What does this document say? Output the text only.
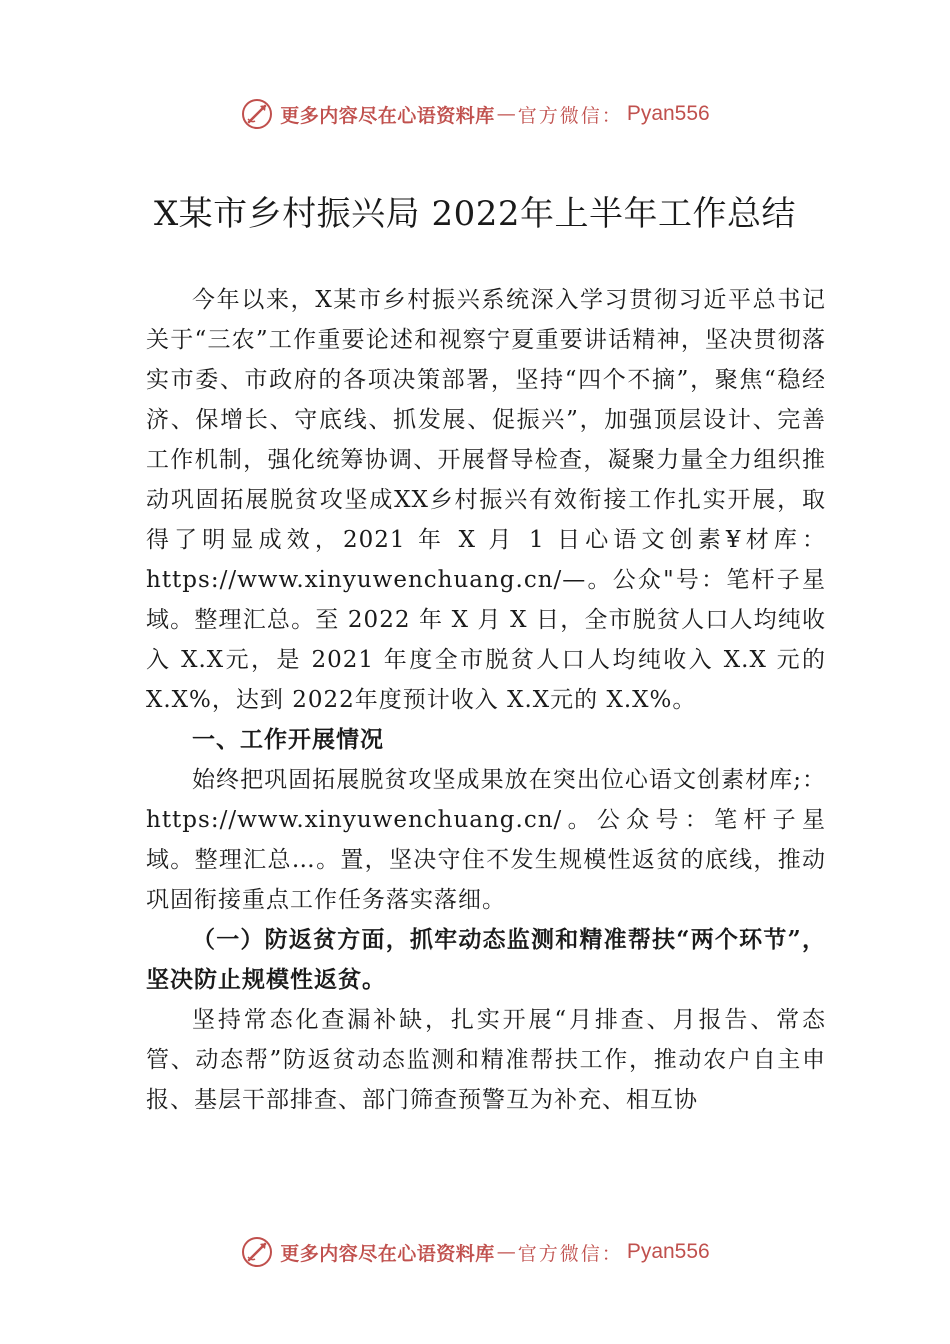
更多内容尽在心语资料库 — 官方微信： Pyan556
X某市乡村振兴局 2022年上半年工作总结

今年以来，X某市乡村振兴系统深入学习贯彻习近平总书记关于“三农”工作重要论述和视察宁夏重要讲话精神，坚决贯彻落实市委、市政府的各项决策部署，坚持“四个不摘”，聚焦“稳经济、保增长、守底线、抓发展、促振兴”，加强顶层设计、完善工作机制，强化统筹协调、开展督导检查，凝聚力量全力组织推动巩固拓展脱贫攻坚成XX乡村振兴有效衔接工作扎实开展，取得了明显成效，2021 年 X 月 1 日心语文创素¥材库：https://www.xinyuwenchuang.cn/—。公众"号：笔杆子星域。整理汇总。至 2022 年 X 月 X 日，全市脱贫人口人均纯收入 X.X元，是 2021 年度全市脱贫人口人均纯收入 X.X 元的 X.X%，达到 2022年度预计收入 X.X元的 X.X%。

一、工作开展情况

始终把巩固拓展脱贫攻坚成果放在突出位心语文创素材库;：https://www.xinyuwenchuang.cn/。公众号：笔杆子星域。整理汇总…。置，坚决守住不发生规模性返贫的底线，推动巩固衔接重点工作任务落实落细。

（一）防返贫方面，抓牢动态监测和精准帮扶“两个环节”，坚决防止规模性返贫。

坚持常态化查漏补缺，扎实开展“月排查、月报告、常态管、动态帮”防返贫动态监测和精准帮扶工作，推动农户自主申报、基层干部排查、部门筛查预警互为补充、相互协

更多内容尽在心语资料库 — 官方微信： Pyan556
